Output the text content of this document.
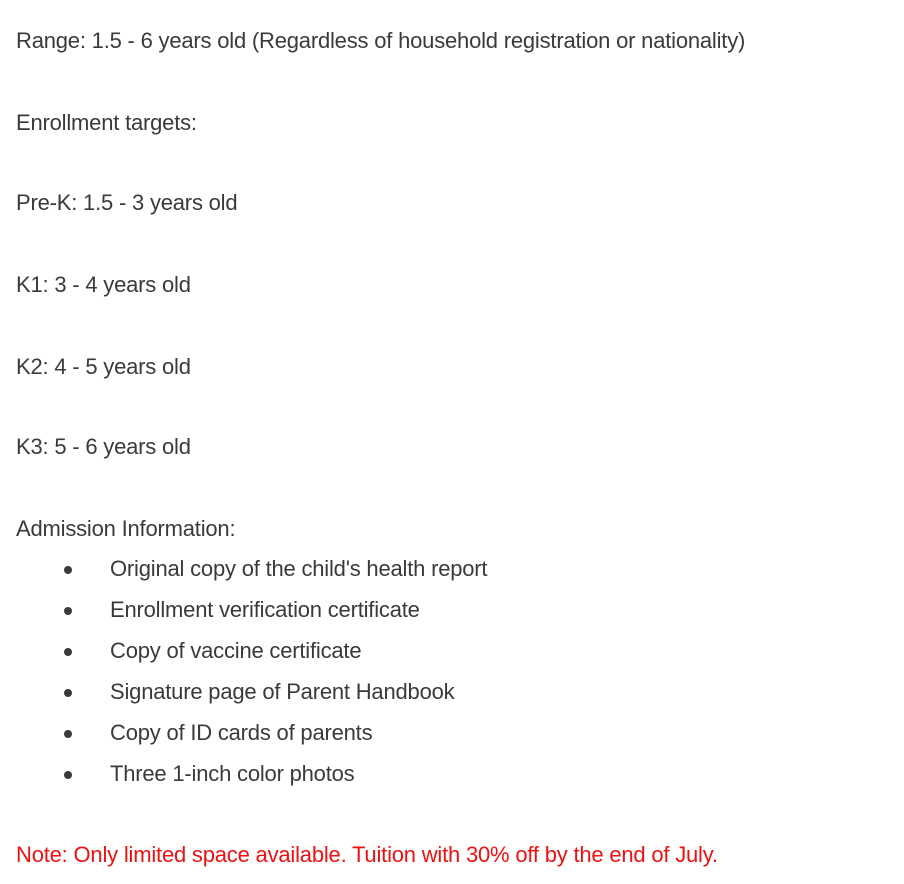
Range: 1.5 - 6 years old (Regardless of household registration or nationality)
Enrollment targets:
Pre-K: 1.5 - 3 years old
K1: 3 - 4 years old
K2: 4 - 5 years old
K3: 5 - 6 years old
Admission Information:
Original copy of the child's health report
Enrollment verification certificate
Copy of vaccine certificate
Signature page of Parent Handbook
Copy of ID cards of parents
Three 1-inch color photos
Note: Only limited space available. Tuition with 30% off by the end of July.
